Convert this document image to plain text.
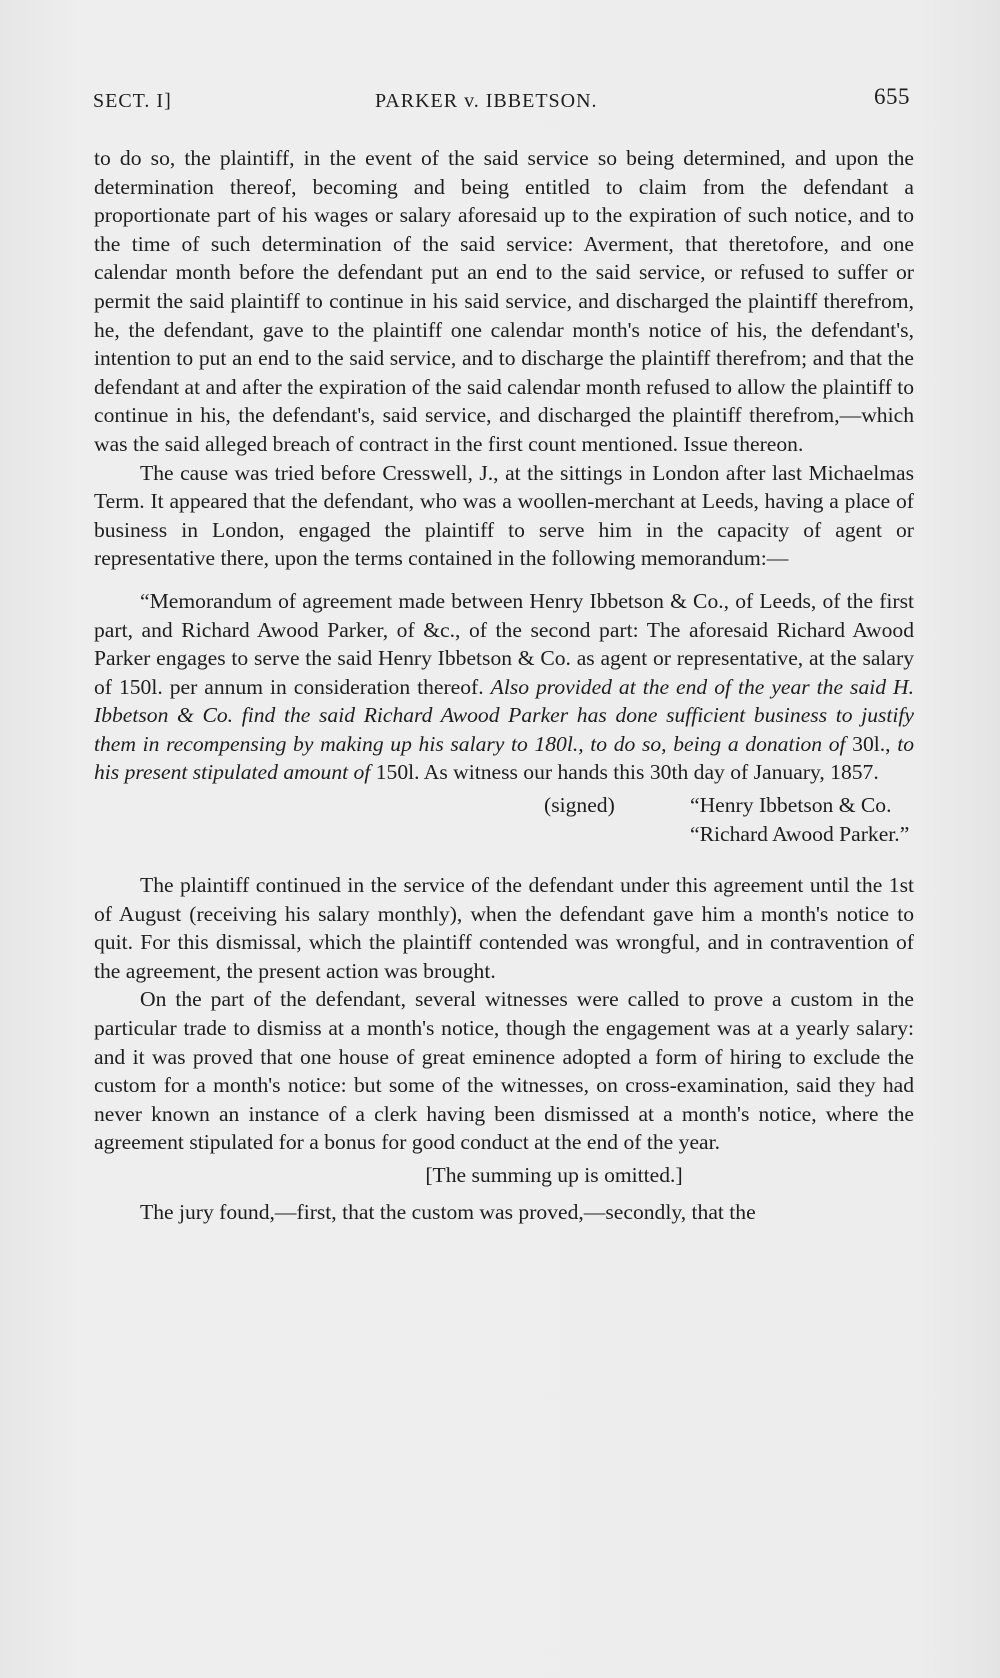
SECT. I]	PARKER v. IBBETSON.	655

to do so, the plaintiff, in the event of the said service so being determined, and upon the determination thereof, becoming and being entitled to claim from the defendant a proportionate part of his wages or salary aforesaid up to the expiration of such notice, and to the time of such determination of the said service: Averment, that theretofore, and one calendar month before the defendant put an end to the said service, or refused to suffer or permit the said plaintiff to continue in his said service, and discharged the plaintiff therefrom, he, the defendant, gave to the plaintiff one calendar month's notice of his, the defendant's, intention to put an end to the said service, and to discharge the plaintiff therefrom; and that the defendant at and after the expiration of the said calendar month refused to allow the plaintiff to continue in his, the defendant's, said service, and discharged the plaintiff therefrom,—which was the said alleged breach of contract in the first count mentioned. Issue thereon.

The cause was tried before Cresswell, J., at the sittings in London after last Michaelmas Term. It appeared that the defendant, who was a woollen-merchant at Leeds, having a place of business in London, engaged the plaintiff to serve him in the capacity of agent or representative there, upon the terms contained in the following memorandum:—

“Memorandum of agreement made between Henry Ibbetson & Co., of Leeds, of the first part, and Richard Awood Parker, of &c., of the second part: The aforesaid Richard Awood Parker engages to serve the said Henry Ibbetson & Co. as agent or representative, at the salary of 150l. per annum in consideration thereof. Also provided at the end of the year the said H. Ibbetson & Co. find the said Richard Awood Parker has done sufficient business to justify them in recompensing by making up his salary to 180l., to do so, being a donation of 30l., to his present stipulated amount of 150l. As witness our hands this 30th day of January, 1857.

(signed)	“Henry Ibbetson & Co.
“Richard Awood Parker.”

The plaintiff continued in the service of the defendant under this agreement until the 1st of August (receiving his salary monthly), when the defendant gave him a month's notice to quit. For this dismissal, which the plaintiff contended was wrongful, and in contravention of the agreement, the present action was brought.

On the part of the defendant, several witnesses were called to prove a custom in the particular trade to dismiss at a month's notice, though the engagement was at a yearly salary: and it was proved that one house of great eminence adopted a form of hiring to exclude the custom for a month's notice: but some of the witnesses, on cross-examination, said they had never known an instance of a clerk having been dismissed at a month's notice, where the agreement stipulated for a bonus for good conduct at the end of the year.

[The summing up is omitted.]

The jury found,—first, that the custom was proved,—secondly, that the
